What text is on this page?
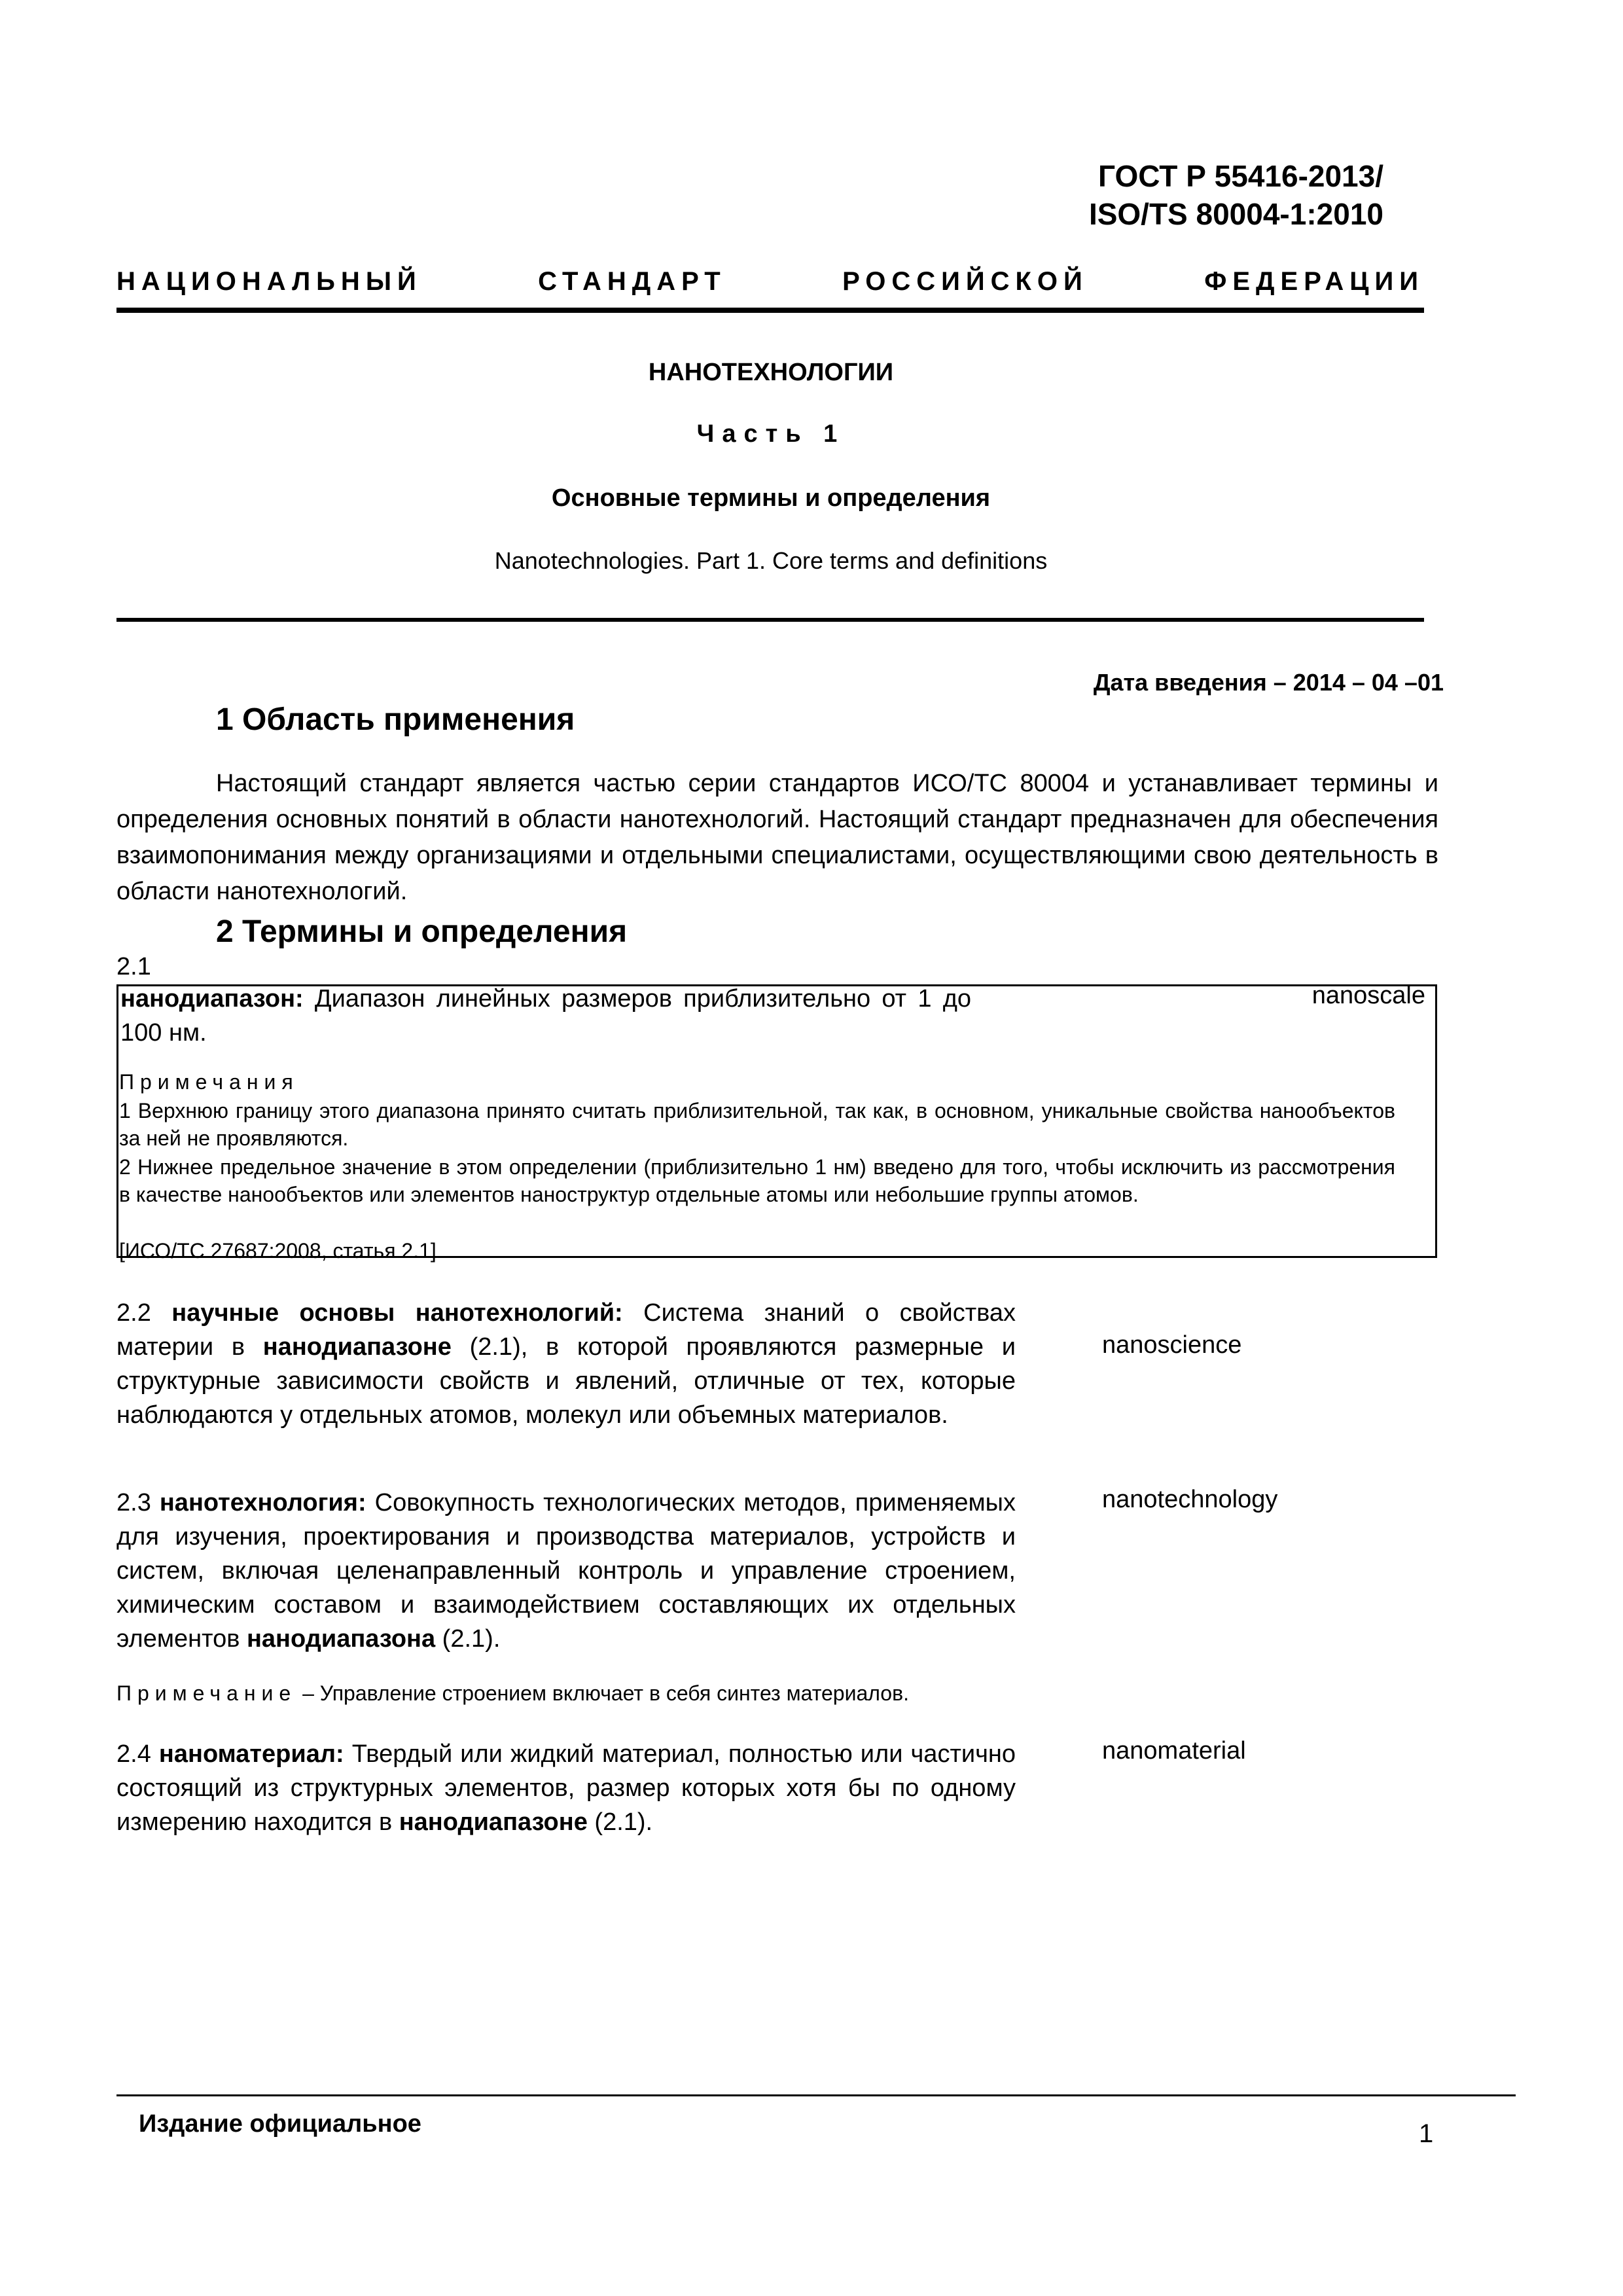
ГОСТ Р 55416-2013/
ISO/TS 80004-1:2010
НАЦИОНАЛЬНЫЙ	СТАНДАРТ	РОССИЙСКОЙ	ФЕДЕРАЦИИ
НАНОТЕХНОЛОГИИ
Часть 1
Основные термины и определения
Nanotechnologies. Part 1. Core terms and definitions
Дата введения – 2014 – 04 –01
1 Область применения
Настоящий стандарт является частью серии стандартов ИСО/ТС 80004 и устанавливает термины и определения основных понятий в области нанотехнологий. Настоящий стандарт предназначен для обеспечения взаимопонимания между организациями и отдельными специалистами, осуществляющими свою деятельность в области нанотехнологий.
2 Термины и определения
2.1
нанодиапазон: Диапазон линейных размеров приблизительно от 1 до 100 нм.
nanoscale
Примечания
1 Верхнюю границу этого диапазона принято считать приблизительной, так как, в основном, уникальные свойства нанообъектов за ней не проявляются.
2 Нижнее предельное значение в этом определении (приблизительно 1 нм) введено для того, чтобы исключить из рассмотрения в качестве нанообъектов или элементов наноструктур отдельные атомы или небольшие группы атомов.
[ИСО/ТС 27687:2008, статья 2.1]
2.2 научные основы нанотехнологий: Система знаний о свойствах материи в нанодиапазоне (2.1), в которой проявляются размерные и структурные зависимости свойств и явлений, отличные от тех, которые наблюдаются у отдельных атомов, молекул или объемных материалов.
nanoscience
2.3 нанотехнология: Совокупность технологических методов, применяемых для изучения, проектирования и производства материалов, устройств и систем, включая целенаправленный контроль и управление строением, химическим составом и взаимодействием составляющих их отдельных элементов нанодиапазона (2.1).
nanotechnology
Примечание – Управление строением включает в себя синтез материалов.
2.4 наноматериал: Твердый или жидкий материал, полностью или частично состоящий из структурных элементов, размер которых хотя бы по одному измерению находится в нанодиапазоне (2.1).
nanomaterial
Издание официальное	1
